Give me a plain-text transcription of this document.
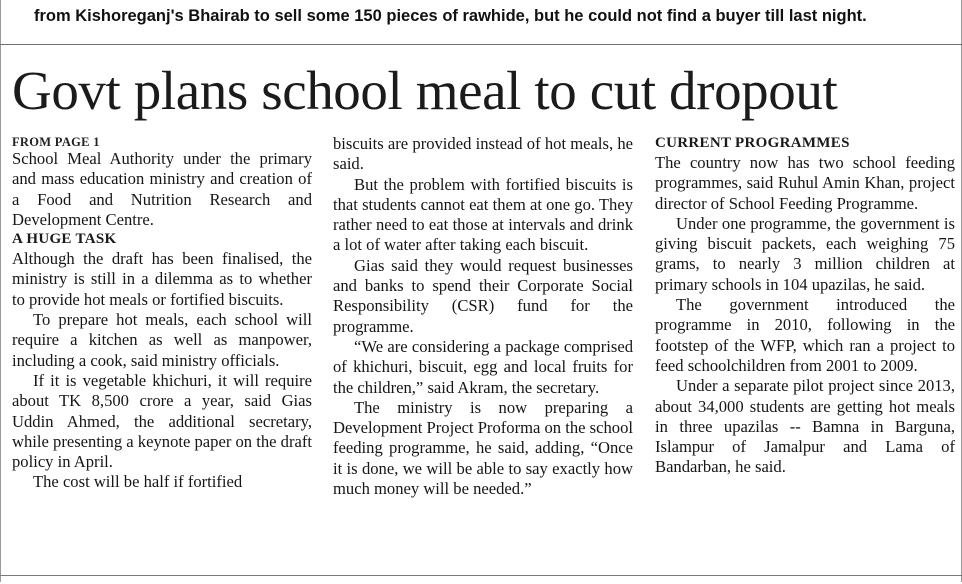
from Kishoreganj's Bhairab to sell some 150 pieces of rawhide, but he could not find a buyer till last night.
Govt plans school meal to cut dropout
FROM PAGE 1

School Meal Authority under the primary and mass education ministry and creation of a Food and Nutrition Research and Development Centre.

A HUGE TASK

Although the draft has been finalised, the ministry is still in a dilemma as to whether to provide hot meals or fortified biscuits.

To prepare hot meals, each school will require a kitchen as well as manpower, including a cook, said ministry officials.

If it is vegetable khichuri, it will require about TK 8,500 crore a year, said Gias Uddin Ahmed, the additional secretary, while presenting a keynote paper on the draft policy in April.

The cost will be half if fortified

biscuits are provided instead of hot meals, he said.

But the problem with fortified biscuits is that students cannot eat them at one go. They rather need to eat those at intervals and drink a lot of water after taking each biscuit.

Gias said they would request businesses and banks to spend their Corporate Social Responsibility (CSR) fund for the programme.

“We are considering a package comprised of khichuri, biscuit, egg and local fruits for the children,” said Akram, the secretary.

The ministry is now preparing a Development Project Proforma on the school feeding programme, he said, adding, “Once it is done, we will be able to say exactly how much money will be needed.”

CURRENT PROGRAMMES

The country now has two school feeding programmes, said Ruhul Amin Khan, project director of School Feeding Programme.

Under one programme, the government is giving biscuit packets, each weighing 75 grams, to nearly 3 million children at primary schools in 104 upazilas, he said.

The government introduced the programme in 2010, following in the footstep of the WFP, which ran a project to feed schoolchildren from 2001 to 2009.

Under a separate pilot project since 2013, about 34,000 students are getting hot meals in three upazilas -- Bamna in Barguna, Islampur of Jamalpur and Lama of Bandarban, he said.
